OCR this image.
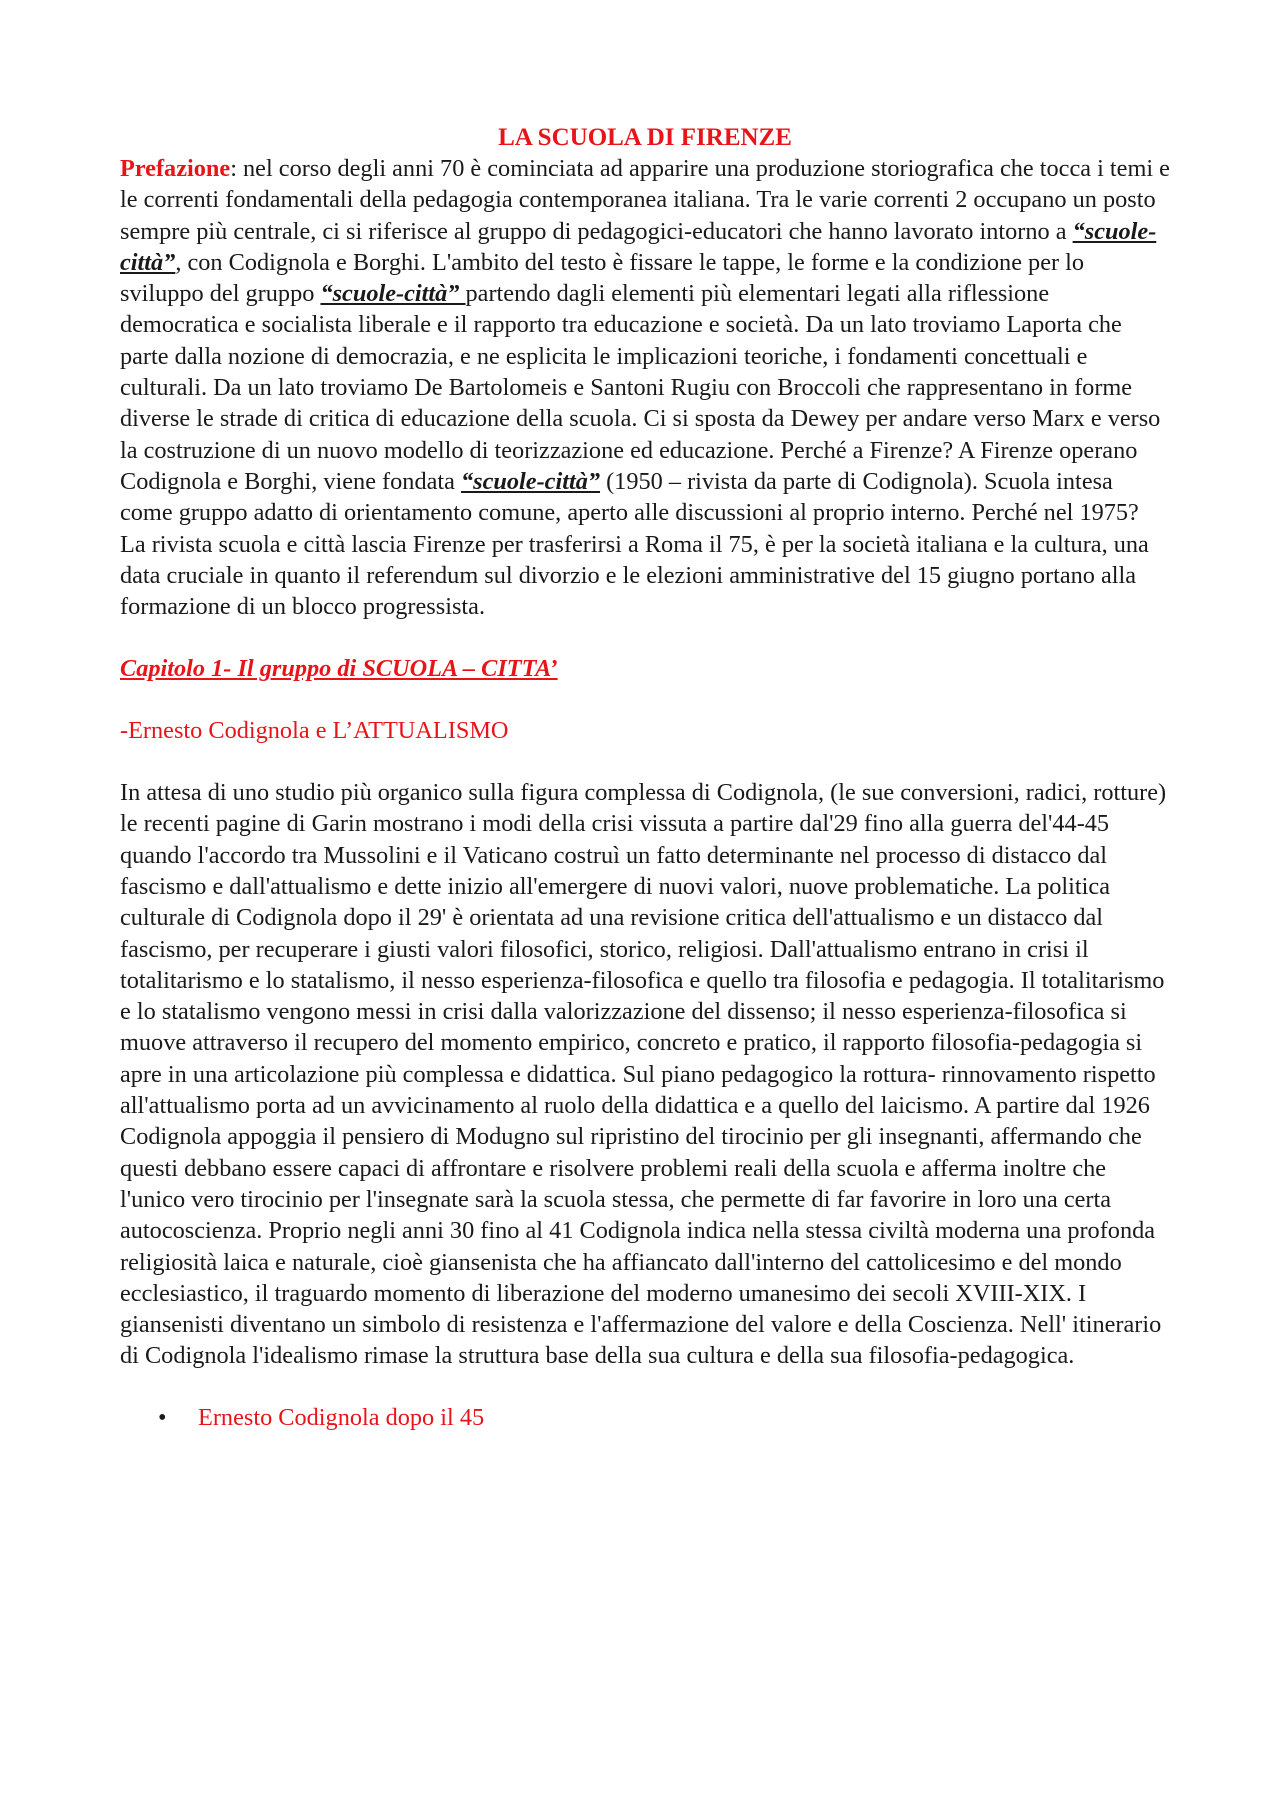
LA SCUOLA DI FIRENZE

Prefazione: nel corso degli anni 70 è cominciata ad apparire una produzione storiografica che tocca i temi e le correnti fondamentali della pedagogia contemporanea italiana. Tra le varie correnti 2 occupano un posto sempre più centrale, ci si riferisce al gruppo di pedagogici-educatori che hanno lavorato intorno a “scuole-città”, con Codignola e Borghi. L'ambito del testo è fissare le tappe, le forme e la condizione per lo sviluppo del gruppo “scuole-città” partendo dagli elementi più elementari legati alla riflessione democratica e socialista liberale e il rapporto tra educazione e società. Da un lato troviamo Laporta che parte dalla nozione di democrazia, e ne esplicita le implicazioni teoriche, i fondamenti concettuali e culturali. Da un lato troviamo De Bartolomeis e Santoni Rugiu con Broccoli che rappresentano in forme diverse le strade di critica di educazione della scuola. Ci si sposta da Dewey per andare verso Marx e verso la costruzione di un nuovo modello di teorizzazione ed educazione. Perché a Firenze? A Firenze operano Codignola e Borghi, viene fondata “scuole-città” (1950 – rivista da parte di Codignola). Scuola intesa come gruppo adatto di orientamento comune, aperto alle discussioni al proprio interno. Perché nel 1975? La rivista scuola e città lascia Firenze per trasferirsi a Roma il 75, è per la società italiana e la cultura, una data cruciale in quanto il referendum sul divorzio e le elezioni amministrative del 15 giugno portano alla formazione di un blocco progressista.

Capitolo 1- Il gruppo di SCUOLA – CITTA’

-Ernesto Codignola e L’ATTUALISMO

In attesa di uno studio più organico sulla figura complessa di Codignola, (le sue conversioni, radici, rotture) le recenti pagine di Garin mostrano i modi della crisi vissuta a partire dal'29 fino alla guerra del'44-45 quando l'accordo tra Mussolini e il Vaticano costruì un fatto determinante nel processo di distacco dal fascismo e dall'attualismo e dette inizio all'emergere di nuovi valori, nuove problematiche. La politica culturale di Codignola dopo il 29' è orientata ad una revisione critica dell'attualismo e un distacco dal fascismo, per recuperare i giusti valori filosofici, storico, religiosi. Dall'attualismo entrano in crisi il totalitarismo e lo statalismo, il nesso esperienza-filosofica e quello tra filosofia e pedagogia. Il totalitarismo e lo statalismo vengono messi in crisi dalla valorizzazione del dissenso; il nesso esperienza-filosofica si muove attraverso il recupero del momento empirico, concreto e pratico, il rapporto filosofia-pedagogia si apre in una articolazione più complessa e didattica. Sul piano pedagogico la rottura- rinnovamento rispetto all'attualismo porta ad un avvicinamento al ruolo della didattica e a quello del laicismo. A partire dal 1926 Codignola appoggia il pensiero di Modugno sul ripristino del tirocinio per gli insegnanti, affermando che questi debbano essere capaci di affrontare e risolvere problemi reali della scuola e afferma inoltre che l'unico vero tirocinio per l'insegnate sarà la scuola stessa, che permette di far favorire in loro una certa autocoscienza. Proprio negli anni 30 fino al 41 Codignola indica nella stessa civiltà moderna una profonda religiosità laica e naturale, cioè giansenista che ha affiancato dall'interno del cattolicesimo e del mondo ecclesiastico, il traguardo momento di liberazione del moderno umanesimo dei secoli XVIII-XIX. I giansenisti diventano un simbolo di resistenza e l'affermazione del valore e della Coscienza. Nell' itinerario di Codignola l'idealismo rimase la struttura base della sua cultura e della sua filosofia-pedagogica.

• Ernesto Codignola dopo il 45
